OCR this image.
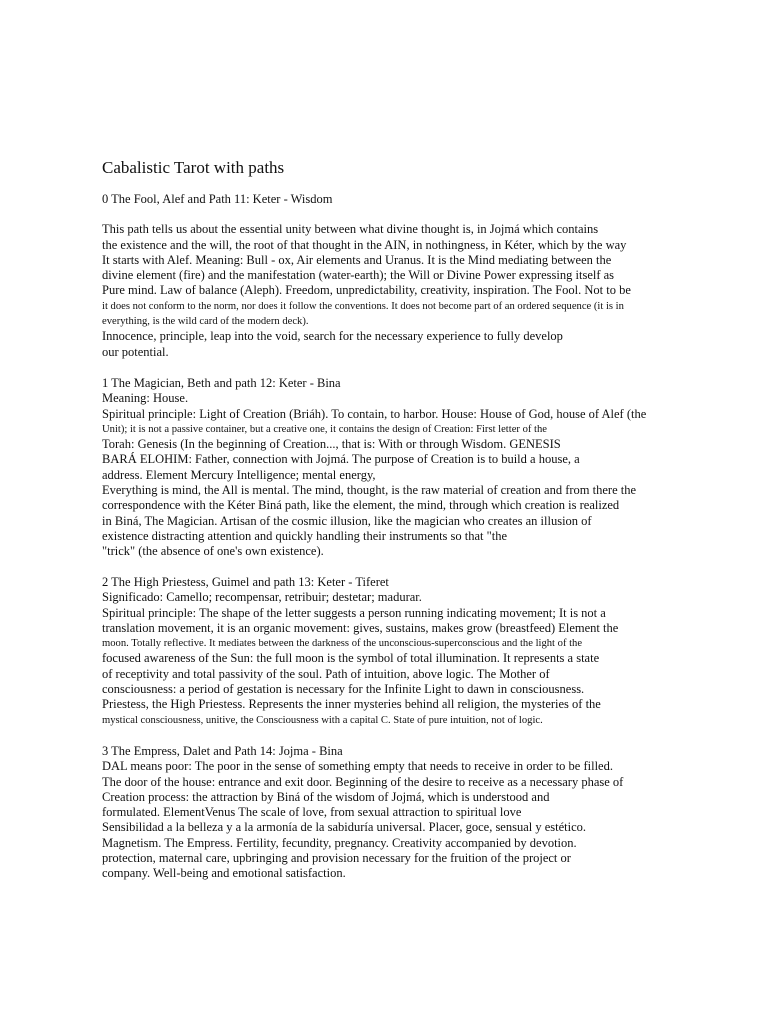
Cabalistic Tarot with paths
0 The Fool, Alef and Path 11: Keter - Wisdom
This path tells us about the essential unity between what divine thought is, in Jojmá which contains
the existence and the will, the root of that thought in the AIN, in nothingness, in Kéter, which by the way
It starts with Alef. Meaning: Bull - ox, Air elements and Uranus. It is the Mind mediating between the
divine element (fire) and the manifestation (water-earth); the Will or Divine Power expressing itself as
Pure mind. Law of balance (Aleph). Freedom, unpredictability, creativity, inspiration. The Fool. Not to be
it does not conform to the norm, nor does it follow the conventions. It does not become part of an ordered sequence (it is in
everything, is the wild card of the modern deck).
Innocence, principle, leap into the void, search for the necessary experience to fully develop
our potential.
1 The Magician, Beth and path 12: Keter - Bina
Meaning: House.
Spiritual principle: Light of Creation (Briáh). To contain, to harbor. House: House of God, house of Alef (the
Unit); it is not a passive container, but a creative one, it contains the design of Creation: First letter of the
Torah: Genesis (In the beginning of Creation..., that is: With or through Wisdom. GENESIS
BARÁ ELOHIM: Father, connection with Jojmá. The purpose of Creation is to build a house, a
address. Element Mercury Intelligence; mental energy,
Everything is mind, the All is mental. The mind, thought, is the raw material of creation and from there the
correspondence with the Kéter Biná path, like the element, the mind, through which creation is realized
in Biná, The Magician. Artisan of the cosmic illusion, like the magician who creates an illusion of
existence distracting attention and quickly handling their instruments so that "the
"trick" (the absence of one's own existence).
2 The High Priestess, Guimel and path 13: Keter - Tiferet
Significado: Camello; recompensar, retribuir; destetar; madurar.
Spiritual principle: The shape of the letter suggests a person running indicating movement; It is not a
translation movement, it is an organic movement: gives, sustains, makes grow (breastfeed) Element the
moon. Totally reflective. It mediates between the darkness of the unconscious-superconscious and the light of the
focused awareness of the Sun: the full moon is the symbol of total illumination. It represents a state
of receptivity and total passivity of the soul. Path of intuition, above logic. The Mother of
consciousness: a period of gestation is necessary for the Infinite Light to dawn in consciousness.
Priestess, the High Priestess. Represents the inner mysteries behind all religion, the mysteries of the
mystical consciousness, unitive, the Consciousness with a capital C. State of pure intuition, not of logic.
3 The Empress, Dalet and Path 14: Jojma - Bina
DAL means poor: The poor in the sense of something empty that needs to receive in order to be filled.
The door of the house: entrance and exit door. Beginning of the desire to receive as a necessary phase of
Creation process: the attraction by Biná of the wisdom of Jojmá, which is understood and
formulated. ElementVenus The scale of love, from sexual attraction to spiritual love
Sensibilidad a la belleza y a la armonía de la sabiduría universal. Placer, goce, sensual y estético.
Magnetism. The Empress. Fertility, fecundity, pregnancy. Creativity accompanied by devotion.
protection, maternal care, upbringing and provision necessary for the fruition of the project or
company. Well-being and emotional satisfaction.
